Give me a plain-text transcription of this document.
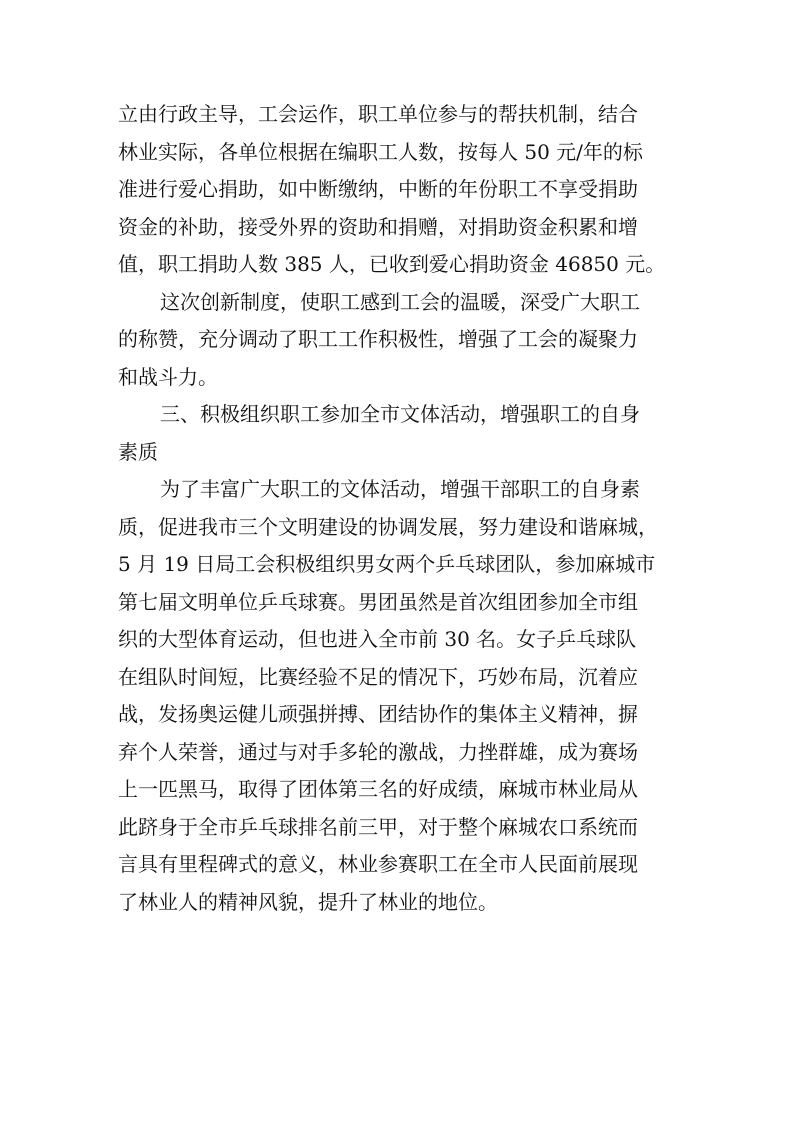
立由行政主导，工会运作，职工单位参与的帮扶机制，结合
林业实际，各单位根据在编职工人数，按每人 50 元/年的标
准进行爱心捐助，如中断缴纳，中断的年份职工不享受捐助
资金的补助，接受外界的资助和捐赠，对捐助资金积累和增
值，职工捐助人数 385 人，已收到爱心捐助资金 46850 元。
这次创新制度，使职工感到工会的温暖，深受广大职工
的称赞，充分调动了职工工作积极性，增强了工会的凝聚力
和战斗力。
三、积极组织职工参加全市文体活动，增强职工的自身
素质
为了丰富广大职工的文体活动，增强干部职工的自身素
质，促进我市三个文明建设的协调发展，努力建设和谐麻城，
5 月 19 日局工会积极组织男女两个乒乓球团队，参加麻城市
第七届文明单位乒乓球赛。男团虽然是首次组团参加全市组
织的大型体育运动，但也进入全市前 30 名。女子乒乓球队
在组队时间短，比赛经验不足的情况下，巧妙布局，沉着应
战，发扬奥运健儿顽强拼搏、团结协作的集体主义精神，摒
弃个人荣誉，通过与对手多轮的激战，力挫群雄，成为赛场
上一匹黑马，取得了团体第三名的好成绩，麻城市林业局从
此跻身于全市乒乓球排名前三甲，对于整个麻城农口系统而
言具有里程碑式的意义，林业参赛职工在全市人民面前展现
了林业人的精神风貌，提升了林业的地位。
